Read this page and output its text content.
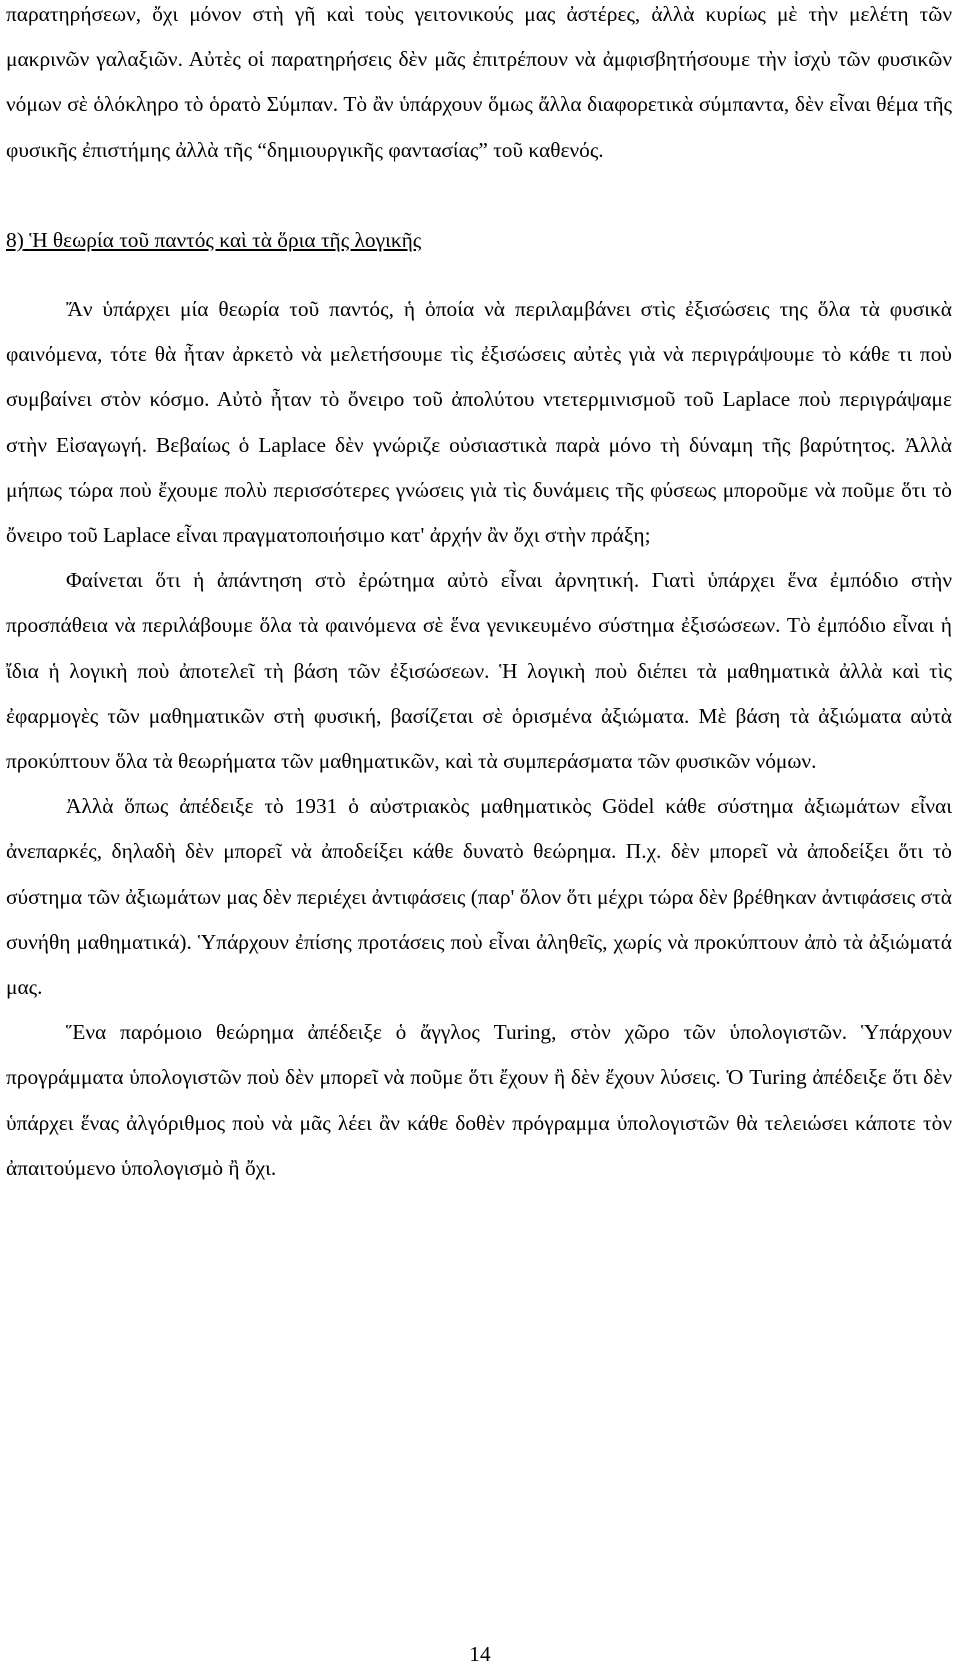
παρατηρήσεων, ὄχι μόνον στὴ γῆ καὶ τοὺς γειτονικούς μας ἀστέρες, ἀλλὰ κυρίως μὲ τὴν μελέτη τῶν μακρινῶν γαλαξιῶν. Αὐτὲς οἱ παρατηρήσεις δὲν μᾶς ἐπιτρέπουν νὰ ἀμφισβητήσουμε τὴν ἰσχὺ τῶν φυσικῶν νόμων σὲ ὁλόκληρο τὸ ὁρατὸ Σύμπαν. Τὸ ἂν ὑπάρχουν ὅμως ἄλλα διαφορετικὰ σύμπαντα, δὲν εἶναι θέμα τῆς φυσικῆς ἐπιστήμης ἀλλὰ τῆς “δημιουργικῆς φαντασίας” τοῦ καθενός.

8) Ἡ θεωρία τοῦ παντός καὶ τὰ ὅρια τῆς λογικῆς

Ἄν ὑπάρχει μία θεωρία τοῦ παντός, ἡ ὁποία νὰ περιλαμβάνει στὶς ἐξισώσεις της ὅλα τὰ φυσικὰ φαινόμενα, τότε θὰ ἦταν ἀρκετὸ νὰ μελετήσουμε τὶς ἐξισώσεις αὐτὲς γιὰ νὰ περιγράψουμε τὸ κάθε τι ποὺ συμβαίνει στὸν κόσμο. Αὐτὸ ἦταν τὸ ὄνειρο τοῦ ἀπολύτου ντετερμινισμοῦ τοῦ Laplace ποὺ περιγράψαμε στὴν Εἰσαγωγή. Βεβαίως ὁ Laplace δὲν γνώριζε οὐσιαστικὰ παρὰ μόνο τὴ δύναμη τῆς βαρύτητος. Ἀλλὰ μήπως τώρα ποὺ ἔχουμε πολὺ περισσότερες γνώσεις γιὰ τὶς δυνάμεις τῆς φύσεως μποροῦμε νὰ ποῦμε ὅτι τὸ ὄνειρο τοῦ Laplace εἶναι πραγματοποιήσιμο κατ' ἀρχήν ἂν ὄχι στὴν πράξη;

Φαίνεται ὅτι ἡ ἀπάντηση στὸ ἐρώτημα αὐτὸ εἶναι ἀρνητική. Γιατὶ ὑπάρχει ἕνα ἐμπόδιο στὴν προσπάθεια νὰ περιλάβουμε ὅλα τὰ φαινόμενα σὲ ἕνα γενικευμένο σύστημα ἐξισώσεων. Τὸ ἐμπόδιο εἶναι ἡ ἴδια ἡ λογικὴ ποὺ ἀποτελεῖ τὴ βάση τῶν ἐξισώσεων. Ἡ λογικὴ ποὺ διέπει τὰ μαθηματικὰ ἀλλὰ καὶ τὶς ἐφαρμογὲς τῶν μαθηματικῶν στὴ φυσική, βασίζεται σὲ ὁρισμένα ἀξιώματα. Μὲ βάση τὰ ἀξιώματα αὐτὰ προκύπτουν ὅλα τὰ θεωρήματα τῶν μαθηματικῶν, καὶ τὰ συμπεράσματα τῶν φυσικῶν νόμων.

Ἀλλὰ ὅπως ἀπέδειξε τὸ 1931 ὁ αὐστριακὸς μαθηματικὸς Gödel κάθε σύστημα ἀξιωμάτων εἶναι ἀνεπαρκές, δηλαδὴ δὲν μπορεῖ νὰ ἀποδείξει κάθε δυνατὸ θεώρημα. Π.χ. δὲν μπορεῖ νὰ ἀποδείξει ὅτι τὸ σύστημα τῶν ἀξιωμάτων μας δὲν περιέχει ἀντιφάσεις (παρ' ὅλον ὅτι μέχρι τώρα δὲν βρέθηκαν ἀντιφάσεις στὰ συνήθη μαθηματικά). Ὑπάρχουν ἐπίσης προτάσεις ποὺ εἶναι ἀληθεῖς, χωρίς νὰ προκύπτουν ἀπὸ τὰ ἀξιώματά μας.

Ἕνα παρόμοιο θεώρημα ἀπέδειξε ὁ ἄγγλος Turing, στὸν χῶρο τῶν ὑπολογιστῶν. Ὑπάρχουν προγράμματα ὑπολογιστῶν ποὺ δὲν μπορεῖ νὰ ποῦμε ὅτι ἔχουν ἢ δὲν ἔχουν λύσεις. Ὁ Turing ἀπέδειξε ὅτι δὲν ὑπάρχει ἕνας ἀλγόριθμος ποὺ νὰ μᾶς λέει ἂν κάθε δοθὲν πρόγραμμα ὑπολογιστῶν θὰ τελειώσει κάποτε τὸν ἀπαιτούμενο ὑπολογισμὸ ἢ ὄχι.

14
